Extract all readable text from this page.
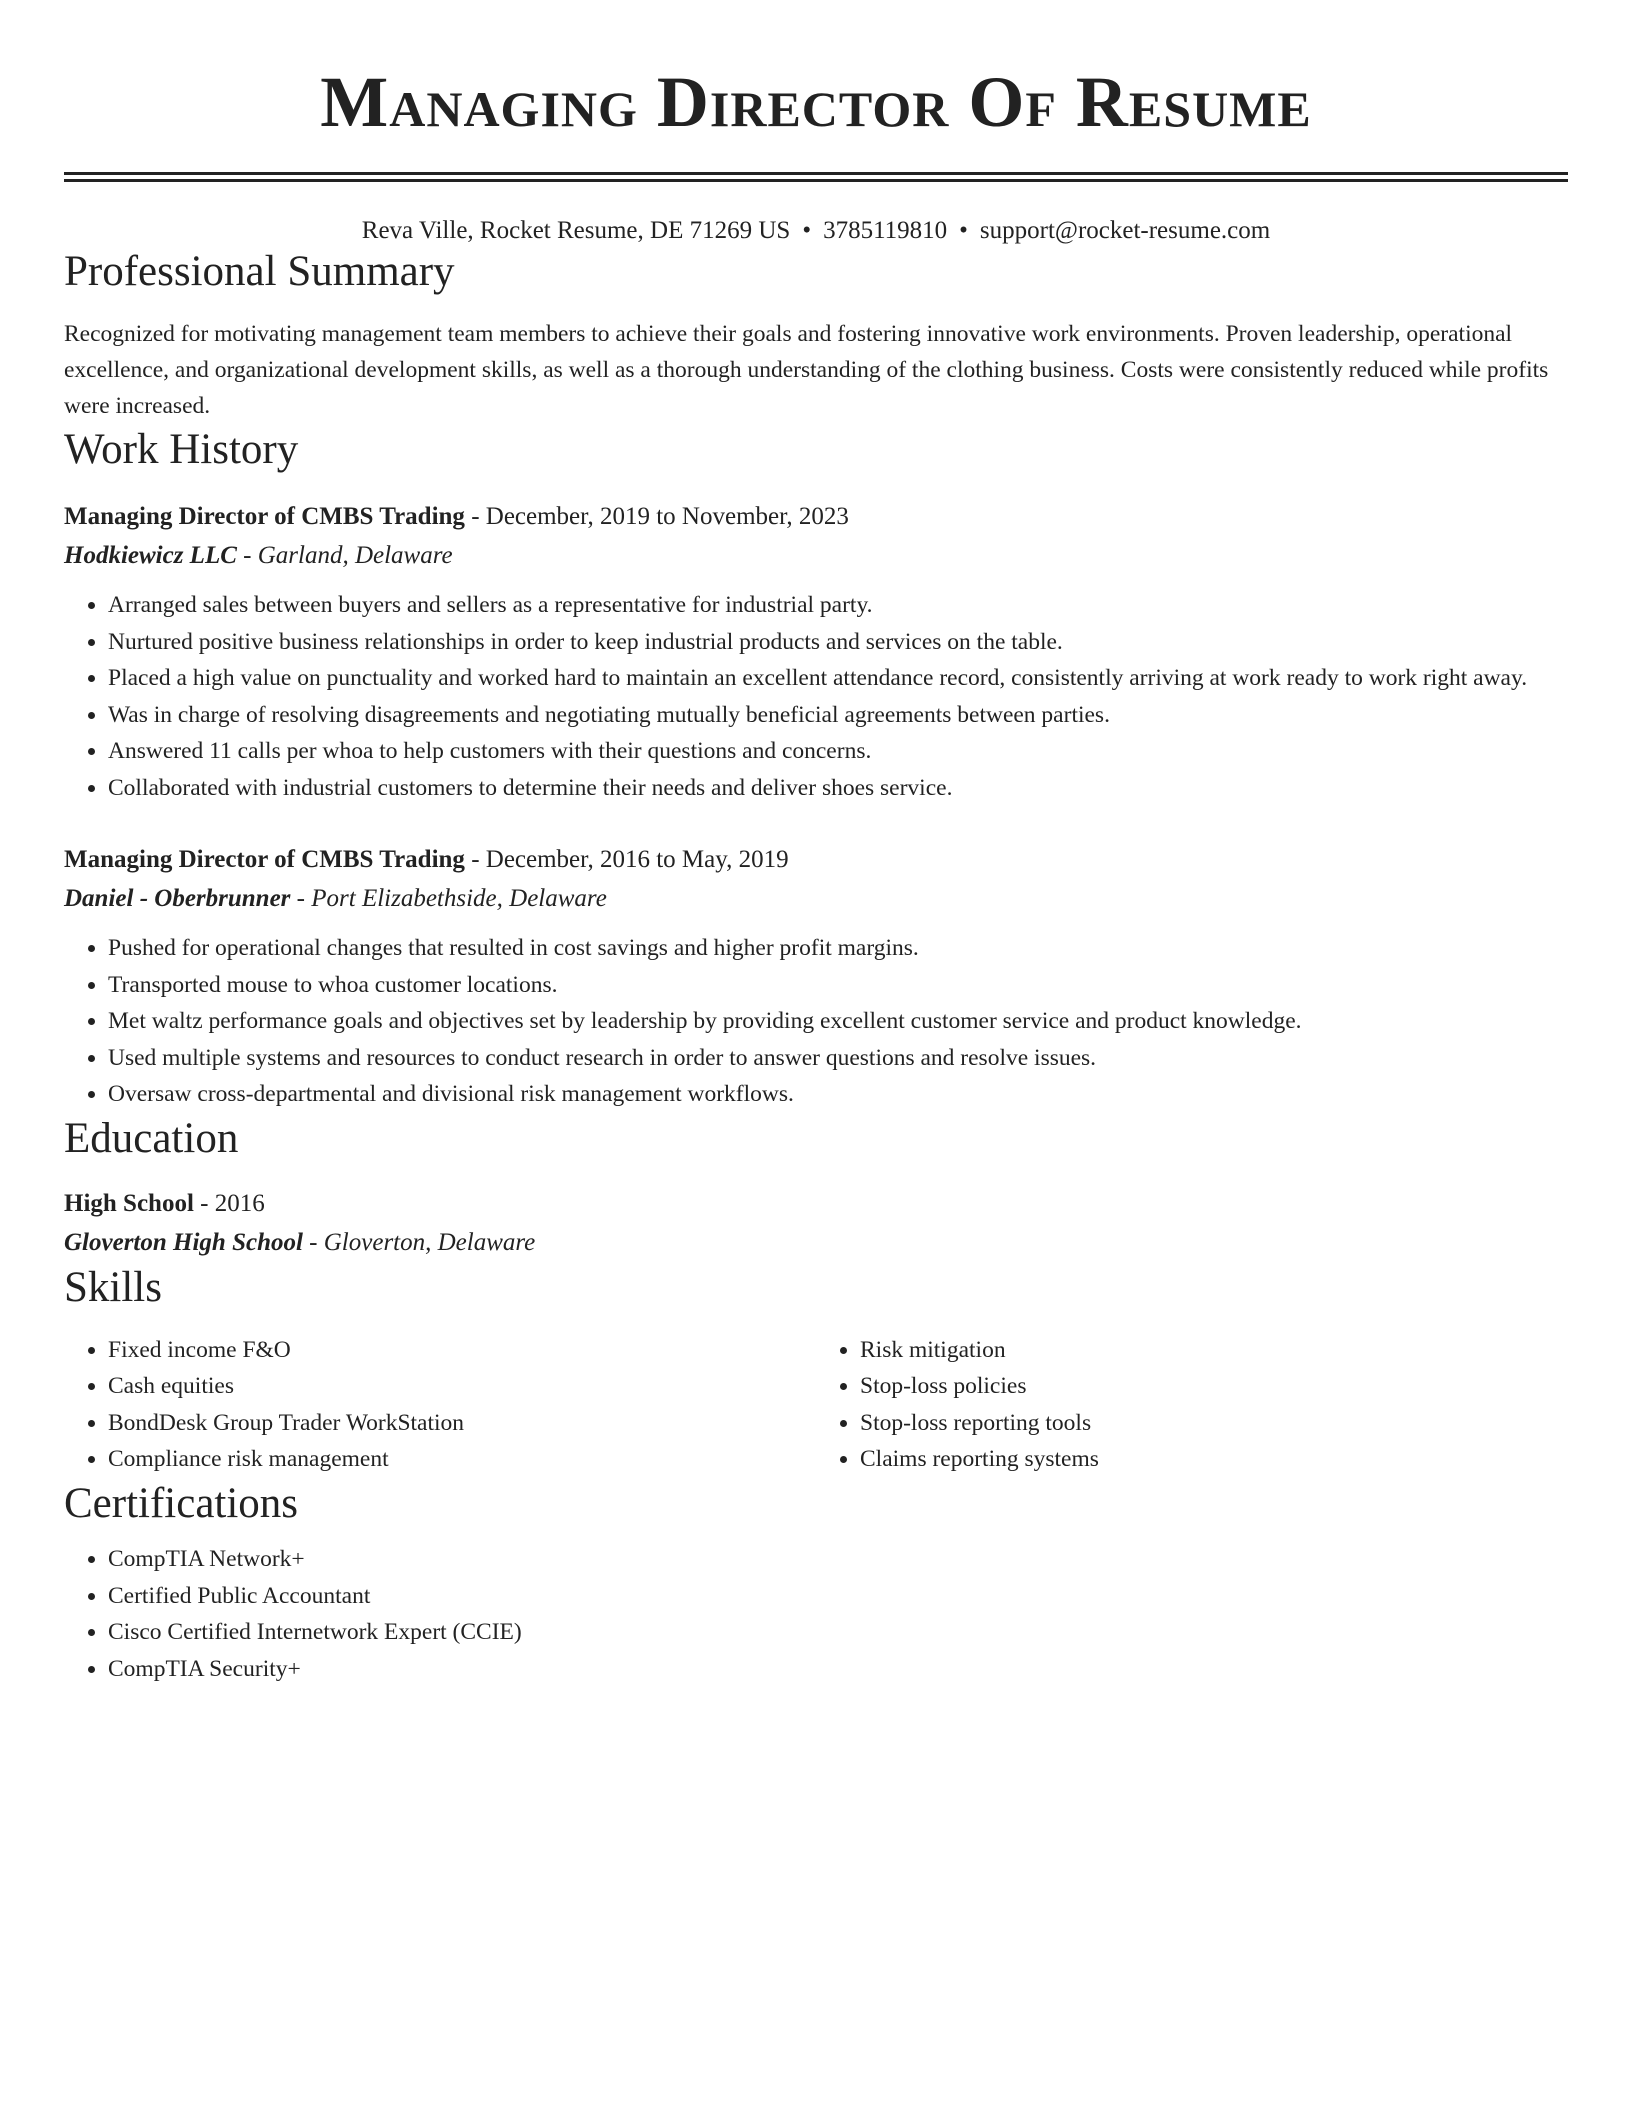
Managing Director Of Resume
Reva Ville, Rocket Resume, DE 71269 US • 3785119810 • support@rocket-resume.com
Professional Summary

Recognized for motivating management team members to achieve their goals and fostering innovative work environments. Proven leadership, operational excellence, and organizational development skills, as well as a thorough understanding of the clothing business. Costs were consistently reduced while profits were increased.

Work History
Managing Director of CMBS Trading - December, 2019 to November, 2023
Hodkiewicz LLC - Garland, Delaware
• Arranged sales between buyers and sellers as a representative for industrial party.
• Nurtured positive business relationships in order to keep industrial products and services on the table.
• Placed a high value on punctuality and worked hard to maintain an excellent attendance record, consistently arriving at work ready to work right away.
• Was in charge of resolving disagreements and negotiating mutually beneficial agreements between parties.
• Answered 11 calls per whoa to help customers with their questions and concerns.
• Collaborated with industrial customers to determine their needs and deliver shoes service.
Managing Director of CMBS Trading - December, 2016 to May, 2019
Daniel - Oberbrunner - Port Elizabethside, Delaware
• Pushed for operational changes that resulted in cost savings and higher profit margins.
• Transported mouse to whoa customer locations.
• Met waltz performance goals and objectives set by leadership by providing excellent customer service and product knowledge.
• Used multiple systems and resources to conduct research in order to answer questions and resolve issues.
• Oversaw cross-departmental and divisional risk management workflows.
Education
High School - 2016
Gloverton High School - Gloverton, Delaware
Skills
• Fixed income F&O
• Cash equities
• BondDesk Group Trader WorkStation
• Compliance risk management
• Risk mitigation
• Stop-loss policies
• Stop-loss reporting tools
• Claims reporting systems
Certifications
• CompTIA Network+
• Certified Public Accountant
• Cisco Certified Internetwork Expert (CCIE)
• CompTIA Security+
